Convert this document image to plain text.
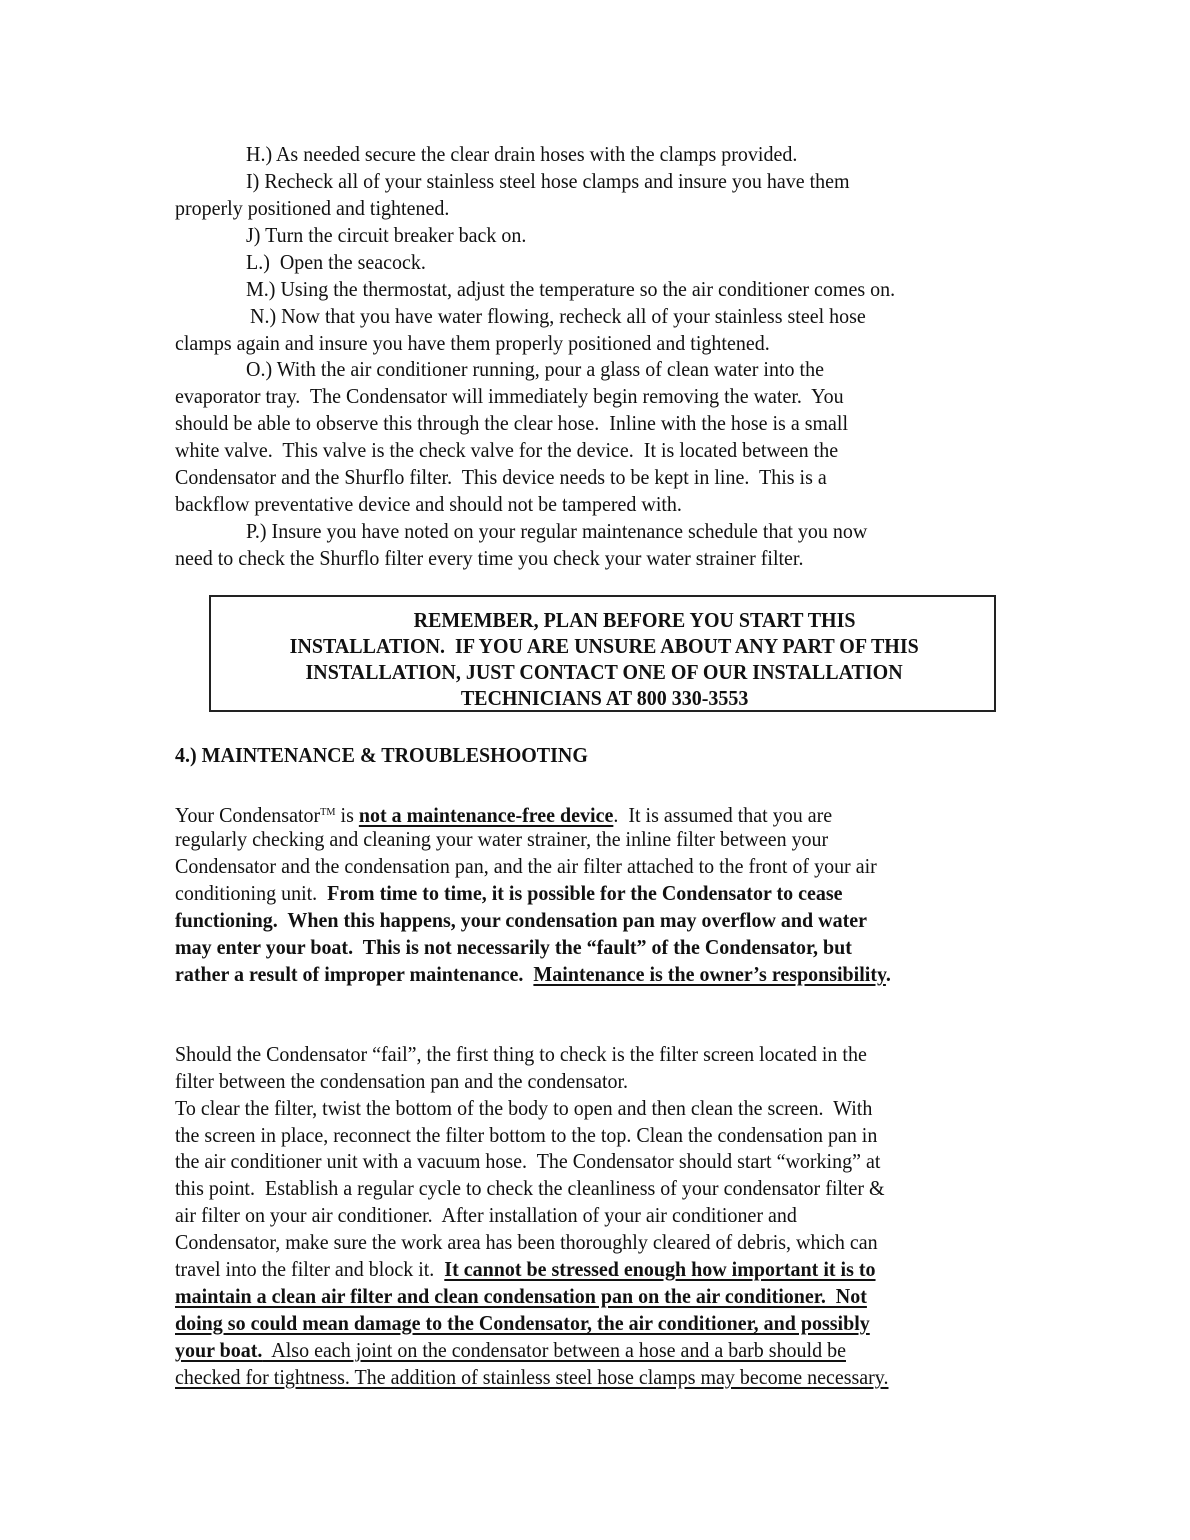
H.) As needed secure the clear drain hoses with the clamps provided.
I) Recheck all of your stainless steel hose clamps and insure you have them
properly positioned and tightened.
J) Turn the circuit breaker back on.
L.)  Open the seacock.
M.) Using the thermostat, adjust the temperature so the air conditioner comes on.
N.) Now that you have water flowing, recheck all of your stainless steel hose
clamps again and insure you have them properly positioned and tightened.
O.) With the air conditioner running, pour a glass of clean water into the
evaporator tray.  The Condensator will immediately begin removing the water.  You
should be able to observe this through the clear hose.  Inline with the hose is a small
white valve.  This valve is the check valve for the device.  It is located between the
Condensator and the Shurflo filter.  This device needs to be kept in line.  This is a
backflow preventative device and should not be tampered with.
P.) Insure you have noted on your regular maintenance schedule that you now
need to check the Shurflo filter every time you check your water strainer filter.
REMEMBER, PLAN BEFORE YOU START THIS
INSTALLATION.  IF YOU ARE UNSURE ABOUT ANY PART OF THIS
INSTALLATION, JUST CONTACT ONE OF OUR INSTALLATION
TECHNICIANS AT 800 330-3553
4.) MAINTENANCE & TROUBLESHOOTING
Your Condensator™ is not a maintenance-free device.  It is assumed that you are
regularly checking and cleaning your water strainer, the inline filter between your
Condensator and the condensation pan, and the air filter attached to the front of your air
conditioning unit.  From time to time, it is possible for the Condensator to cease
functioning.  When this happens, your condensation pan may overflow and water
may enter your boat.  This is not necessarily the “fault” of the Condensator, but
rather a result of improper maintenance.  Maintenance is the owner’s responsibility.
Should the Condensator “fail”, the first thing to check is the filter screen located in the
filter between the condensation pan and the condensator.
To clear the filter, twist the bottom of the body to open and then clean the screen.  With
the screen in place, reconnect the filter bottom to the top. Clean the condensation pan in
the air conditioner unit with a vacuum hose.  The Condensator should start “working” at
this point.  Establish a regular cycle to check the cleanliness of your condensator filter &
air filter on your air conditioner.  After installation of your air conditioner and
Condensator, make sure the work area has been thoroughly cleared of debris, which can
travel into the filter and block it.  It cannot be stressed enough how important it is to
maintain a clean air filter and clean condensation pan on the air conditioner.  Not
doing so could mean damage to the Condensator, the air conditioner, and possibly
your boat.  Also each joint on the condensator between a hose and a barb should be
checked for tightness. The addition of stainless steel hose clamps may become necessary.
